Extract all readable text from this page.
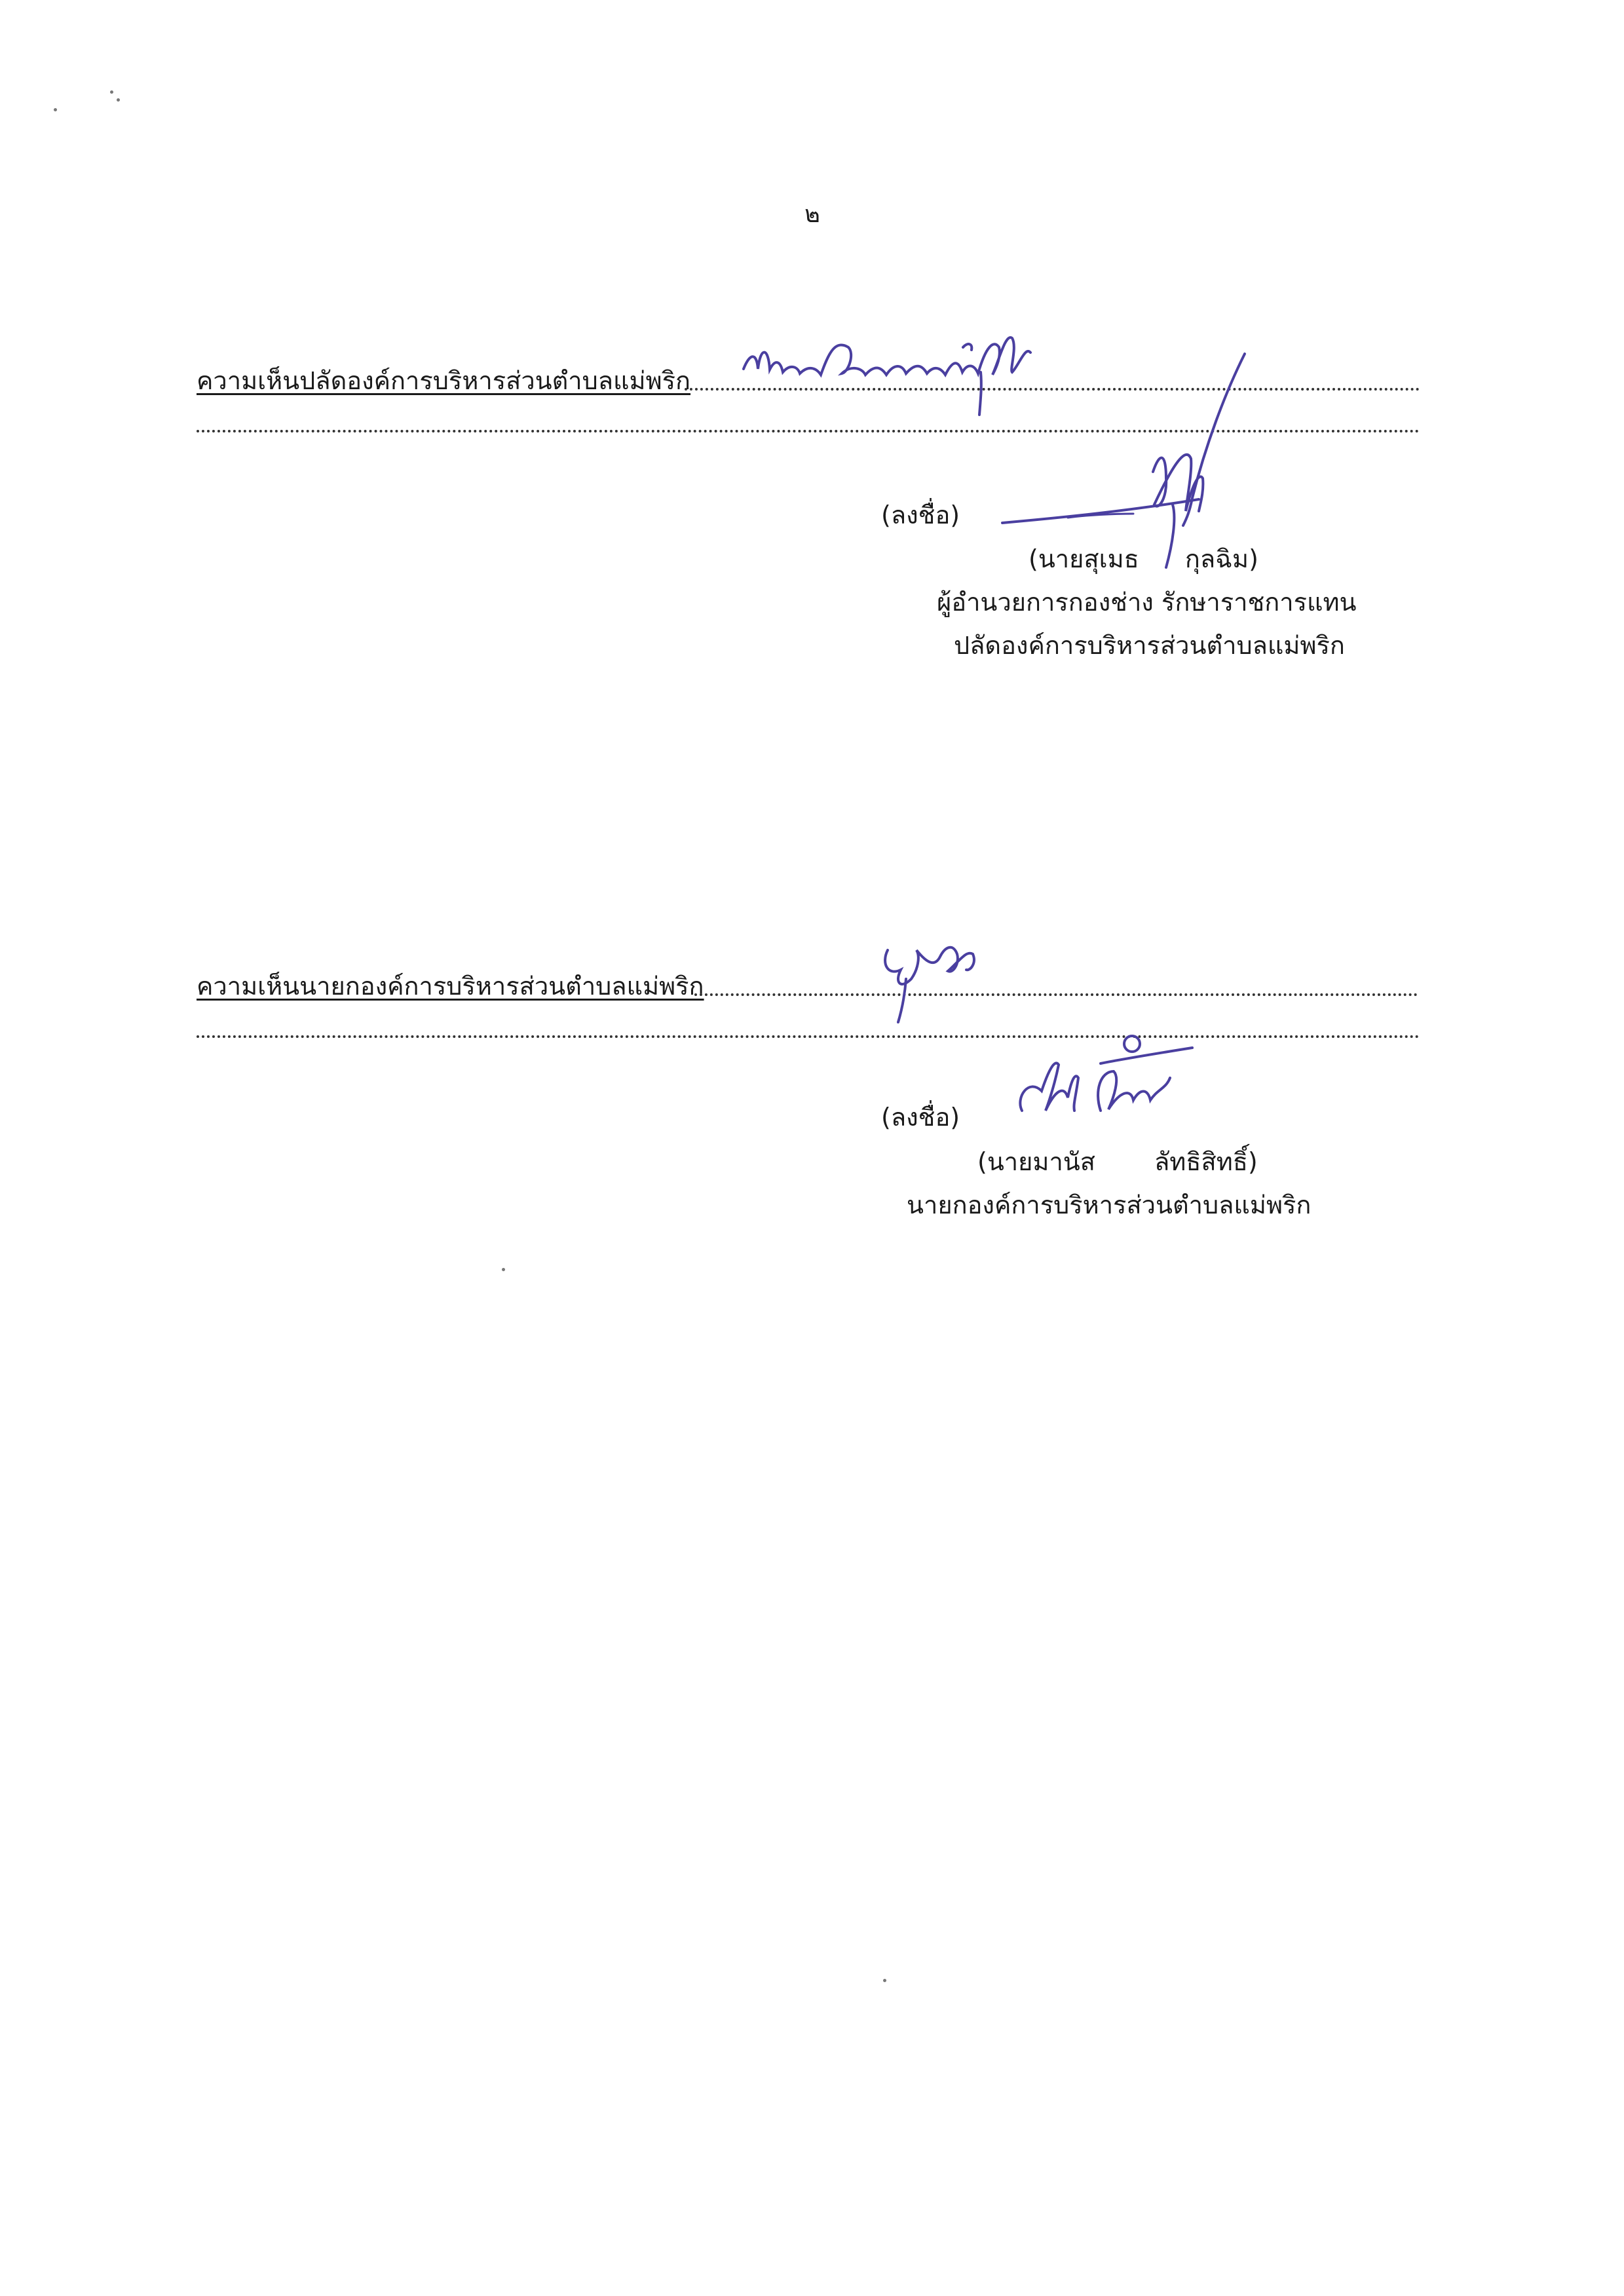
๒
ความเห็นปลัดองค์การบริหารส่วนตำบลแม่พริก
(ลงชื่อ)
(นายสุเมธ กุลฉิม)
ผู้อำนวยการกองช่าง รักษาราชการแทน
ปลัดองค์การบริหารส่วนตำบลแม่พริก
ความเห็นนายกองค์การบริหารส่วนตำบลแม่พริก
(ลงชื่อ)
(นายมานัส ลัทธิสิทธิ์)
นายกองค์การบริหารส่วนตำบลแม่พริก
